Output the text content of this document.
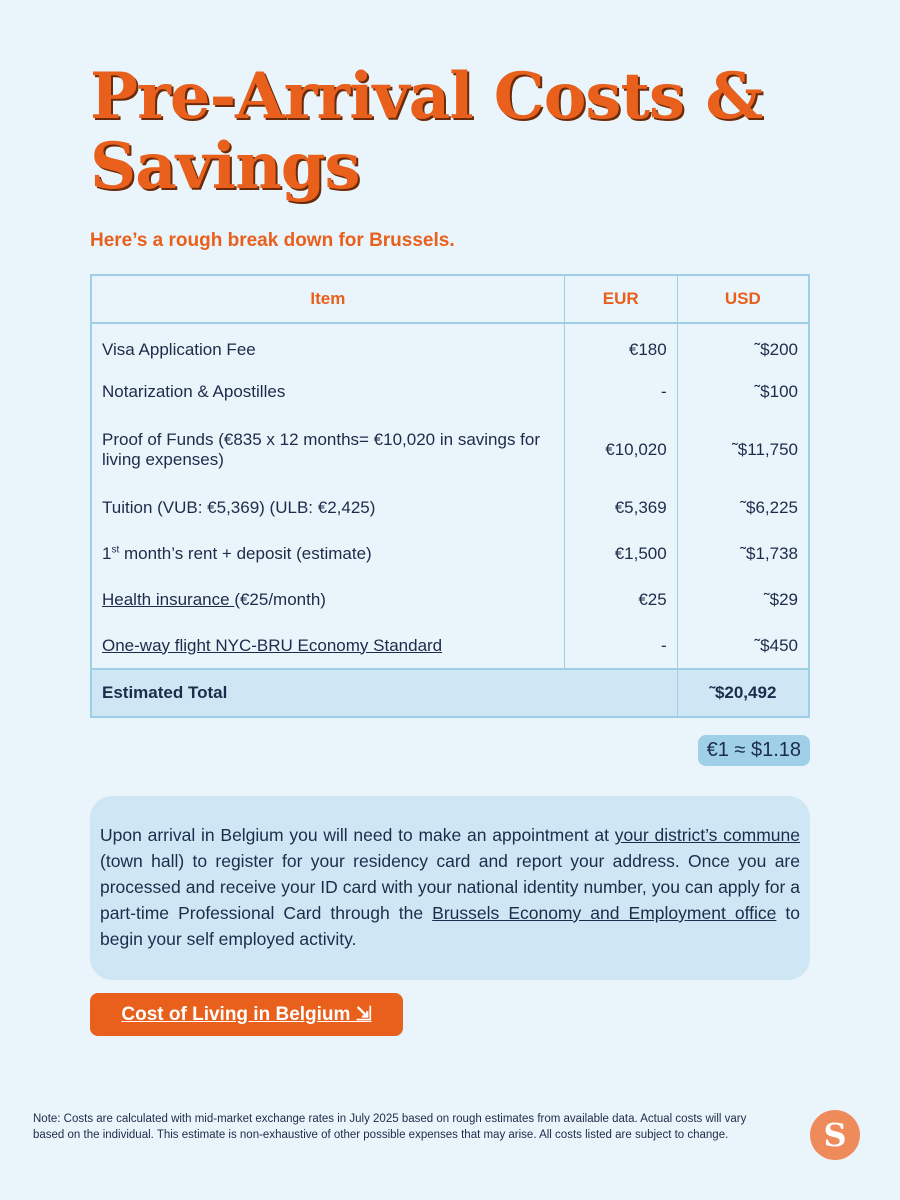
Pre-Arrival Costs & Savings
Here’s a rough break down for Brussels.
Item	EUR	USD
Visa Application Fee	€180	˜$200
Notarization & Apostilles	-	˜$100
Proof of Funds (€835 x 12 months= €10,020 in savings for living expenses)	€10,020	˜$11,750
Tuition (VUB: €5,369) (ULB: €2,425)	€5,369	˜$6,225
1st month’s rent + deposit (estimate)	€1,500	˜$1,738
Health insurance (€25/month)	€25	˜$29
One-way flight NYC-BRU Economy Standard	-	˜$450
Estimated Total		˜$20,492
€1 ≈ $1.18
Upon arrival in Belgium you will need to make an appointment at your district’s commune (town hall) to register for your residency card and report your address. Once you are processed and receive your ID card with your national identity number, you can apply for a part-time Professional Card through the Brussels Economy and Employment office to begin your self employed activity.
Cost of Living in Belgium ⇲
Note: Costs are calculated with mid-market exchange rates in July 2025 based on rough estimates from available data. Actual costs will vary based on the individual. This estimate is non-exhaustive of other possible expenses that may arise. All costs listed are subject to change.	S
